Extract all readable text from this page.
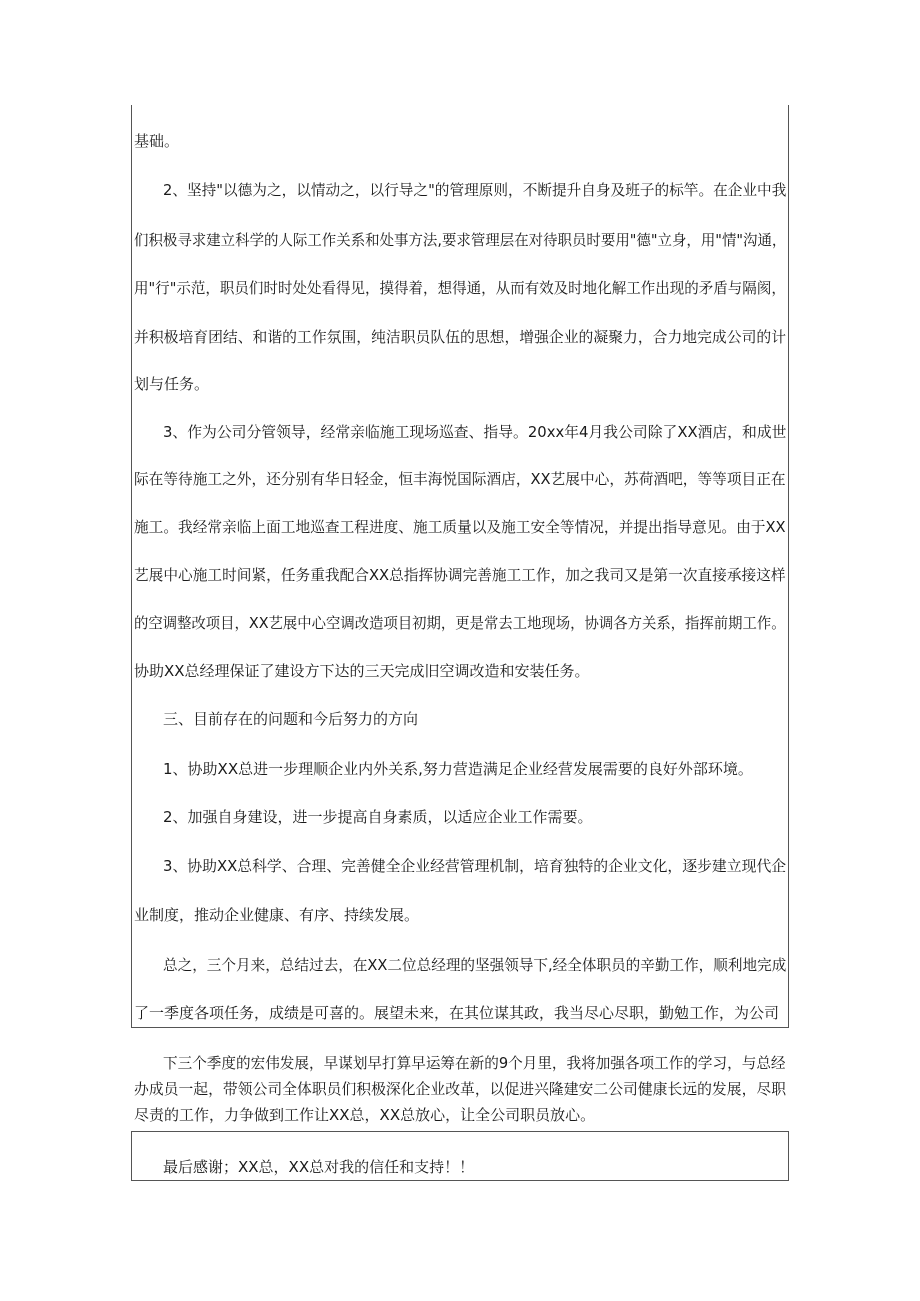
基础。
2、坚持"以德为之，以情动之，以行导之"的管理原则，不断提升自身及班子的标竿。在企业中我
们积极寻求建立科学的人际工作关系和处事方法,要求管理层在对待职员时要用"德"立身，用"情"沟通，
用"行"示范，职员们时时处处看得见，摸得着，想得通，从而有效及时地化解工作出现的矛盾与隔阂，
并积极培育团结、和谐的工作氛围，纯洁职员队伍的思想，增强企业的凝聚力，合力地完成公司的计
划与任务。
3、作为公司分管领导，经常亲临施工现场巡查、指导。20xx年4月我公司除了XX酒店，和成世
际在等待施工之外，还分别有华日轻金，恒丰海悦国际酒店，XX艺展中心，苏荷酒吧，等等项目正在
施工。我经常亲临上面工地巡查工程进度、施工质量以及施工安全等情况，并提出指导意见。由于XX
艺展中心施工时间紧，任务重我配合XX总指挥协调完善施工工作，加之我司又是第一次直接承接这样
的空调整改项目，XX艺展中心空调改造项目初期，更是常去工地现场，协调各方关系，指挥前期工作。
协助XX总经理保证了建设方下达的三天完成旧空调改造和安装任务。
三、目前存在的问题和今后努力的方向
1、协助XX总进一步理顺企业内外关系,努力营造满足企业经营发展需要的良好外部环境。
2、加强自身建设，进一步提高自身素质，以适应企业工作需要。
3、协助XX总科学、合理、完善健全企业经营管理机制，培育独特的企业文化，逐步建立现代企
业制度，推动企业健康、有序、持续发展。
总之，三个月来，总结过去，在XX二位总经理的坚强领导下,经全体职员的辛勤工作，顺利地完成
了一季度各项任务，成绩是可喜的。展望未来，在其位谋其政，我当尽心尽职，勤勉工作，为公司
下三个季度的宏伟发展，早谋划早打算早运筹在新的9个月里，我将加强各项工作的学习，与总经
办成员一起，带领公司全体职员们积极深化企业改革，以促进兴隆建安二公司健康长远的发展，尽职
尽责的工作，力争做到工作让XX总，XX总放心，让全公司职员放心。
最后感谢；XX总，XX总对我的信任和支持！！
